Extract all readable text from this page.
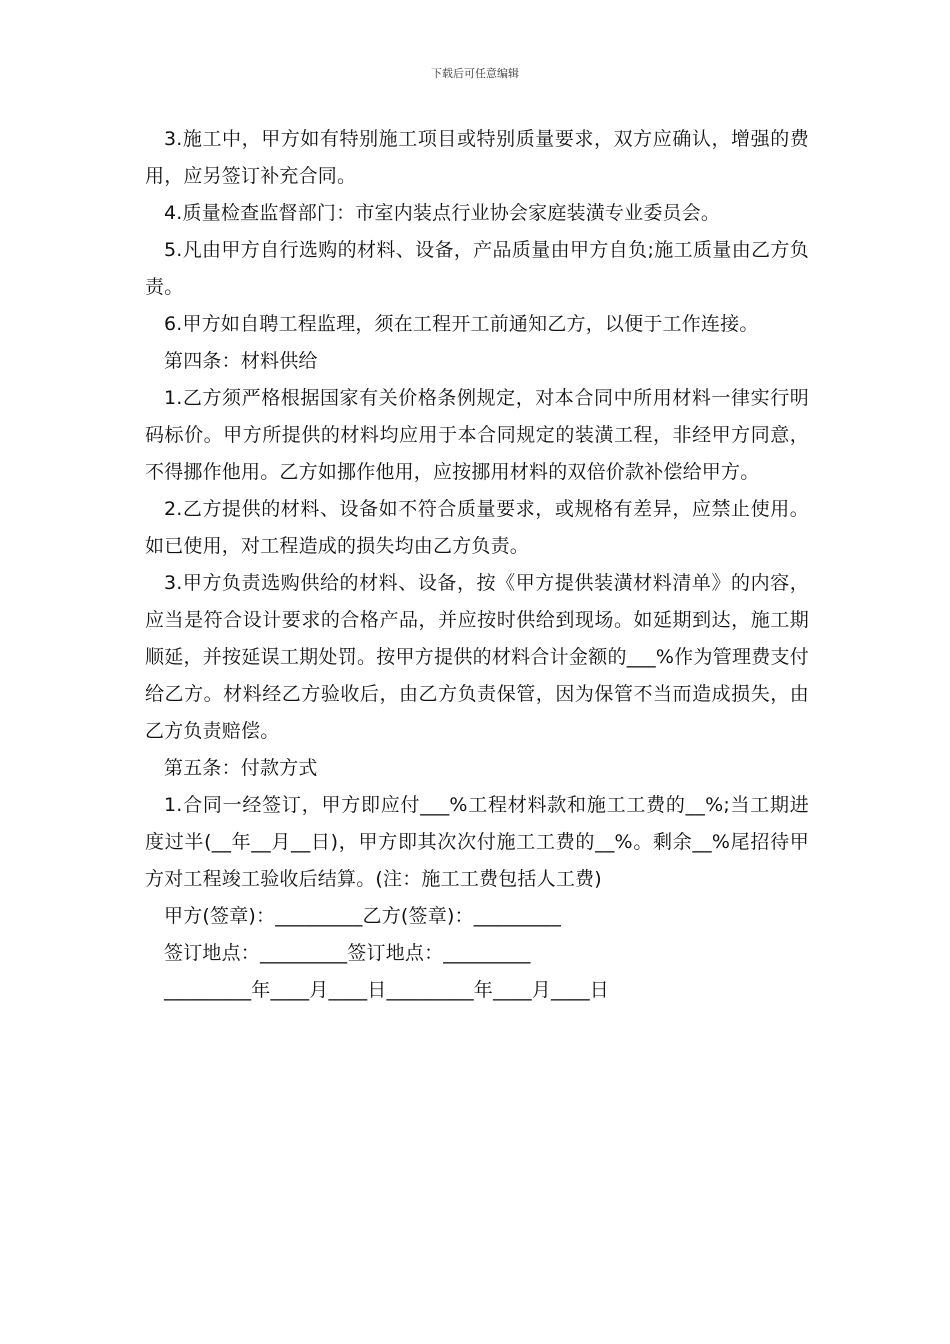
下载后可任意编辑

3.施工中，甲方如有特别施工项目或特别质量要求，双方应确认，增强的费用，应另签订补充合同。

4.质量检查监督部门：市室内装点行业协会家庭装潢专业委员会。

5.凡由甲方自行选购的材料、设备，产品质量由甲方自负;施工质量由乙方负责。

6.甲方如自聘工程监理，须在工程开工前通知乙方，以便于工作连接。

第四条：材料供给

1.乙方须严格根据国家有关价格条例规定，对本合同中所用材料一律实行明码标价。甲方所提供的材料均应用于本合同规定的装潢工程，非经甲方同意，不得挪作他用。乙方如挪作他用，应按挪用材料的双倍价款补偿给甲方。

2.乙方提供的材料、设备如不符合质量要求，或规格有差异，应禁止使用。如已使用，对工程造成的损失均由乙方负责。

3.甲方负责选购供给的材料、设备，按《甲方提供装潢材料清单》的内容，应当是符合设计要求的合格产品，并应按时供给到现场。如延期到达，施工期顺延，并按延误工期处罚。按甲方提供的材料合计金额的___%作为管理费支付给乙方。材料经乙方验收后，由乙方负责保管，因为保管不当而造成损失，由乙方负责赔偿。

第五条：付款方式

1.合同一经签订，甲方即应付___%工程材料款和施工工费的__%;当工期进度过半(__年__月__日)，甲方即其次次付施工工费的__%。剩余__%尾招待甲方对工程竣工验收后结算。(注：施工工费包括人工费)

甲方(签章)：_________乙方(签章)：_________

签订地点：_________签订地点：_________

_________年____月____日_________年____月____日
